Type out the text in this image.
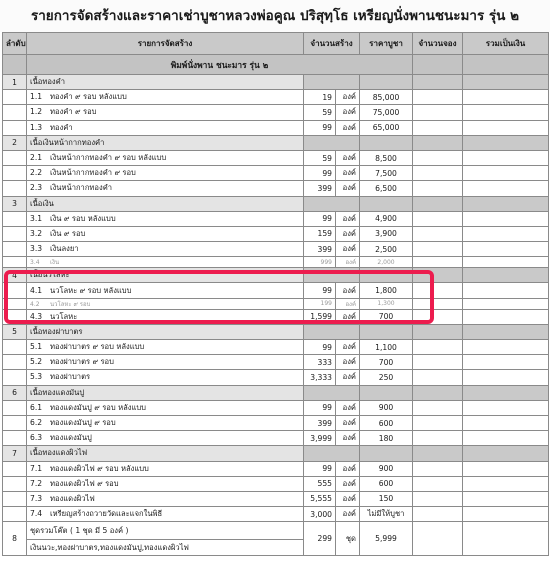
รายการจัดสร้างและราคาเช่าบูชาหลวงพ่อคูณ ปริสุทฺโธ เหรียญนั่งพานชนะมาร รุ่น ๒
ลำดับ	รายการจัดสร้าง	จำนวนสร้าง		ราคาบูชา	จำนวนจอง	รวมเป็นเงิน
	พิมพ์นั่งพาน ชนะมาร รุ่น ๒					
1	เนื้อทองคำ					
	1.1 ทองคำ ๙ รอบ หลังแบบ	19	องค์	85,000		
	1.2 ทองคำ ๙ รอบ	59	องค์	75,000		
	1.3 ทองคำ	99	องค์	65,000		
2	เนื้อเงินหน้ากากทองคำ					
	2.1 เงินหน้ากากทองคำ ๙ รอบ หลังแบบ	59	องค์	8,500		
	2.2 เงินหน้ากากทองคำ ๙ รอบ	99	องค์	7,500		
	2.3 เงินหน้ากากทองคำ	399	องค์	6,500		
3	เนื้อเงิน					
	3.1 เงิน ๙ รอบ หลังแบบ	99	องค์	4,900		
	3.2 เงิน ๙ รอบ	159	องค์	3,900		
	3.3 เงินลงยา	399	องค์	2,500		
	3.4 เงิน	999	องค์	2,000		
4	เนื้อนวโลหะ					
	4.1 นวโลหะ ๙ รอบ หลังแบบ	99	องค์	1,800		
	4.2 นวโลหะ ๙ รอบ	199	องค์	1,300		
	4.3 นวโลหะ	1,599	องค์	700		
5	เนื้อทองฝาบาตร					
	5.1 ทองฝาบาตร ๙ รอบ หลังแบบ	99	องค์	1,100		
	5.2 ทองฝาบาตร ๙ รอบ	333	องค์	700		
	5.3 ทองฝาบาตร	3,333	องค์	250		
6	เนื้อทองแดงมันปู					
	6.1 ทองแดงมันปู ๙ รอบ หลังแบบ	99	องค์	900		
	6.2 ทองแดงมันปู ๙ รอบ	399	องค์	600		
	6.3 ทองแดงมันปู	3,999	องค์	180		
7	เนื้อทองแดงผิวไฟ					
	7.1 ทองแดงผิวไฟ ๙ รอบ หลังแบบ	99	องค์	900		
	7.2 ทองแดงผิวไฟ ๙ รอบ	555	องค์	600		
	7.3 ทองแดงผิวไฟ	5,555	องค์	150		
	7.4 เหรียญสร้างถวายวัดและแจกในพิธี	3,000	องค์	ไม่มีให้บูชา		
8	ชุดรวมโค๊ต ( 1 ชุด มี 5 องค์ )	299	ชุด	5,999		
	เงินนวะ,ทองฝาบาตร,ทองแดงมันปู,ทองแดงผิวไฟ					
